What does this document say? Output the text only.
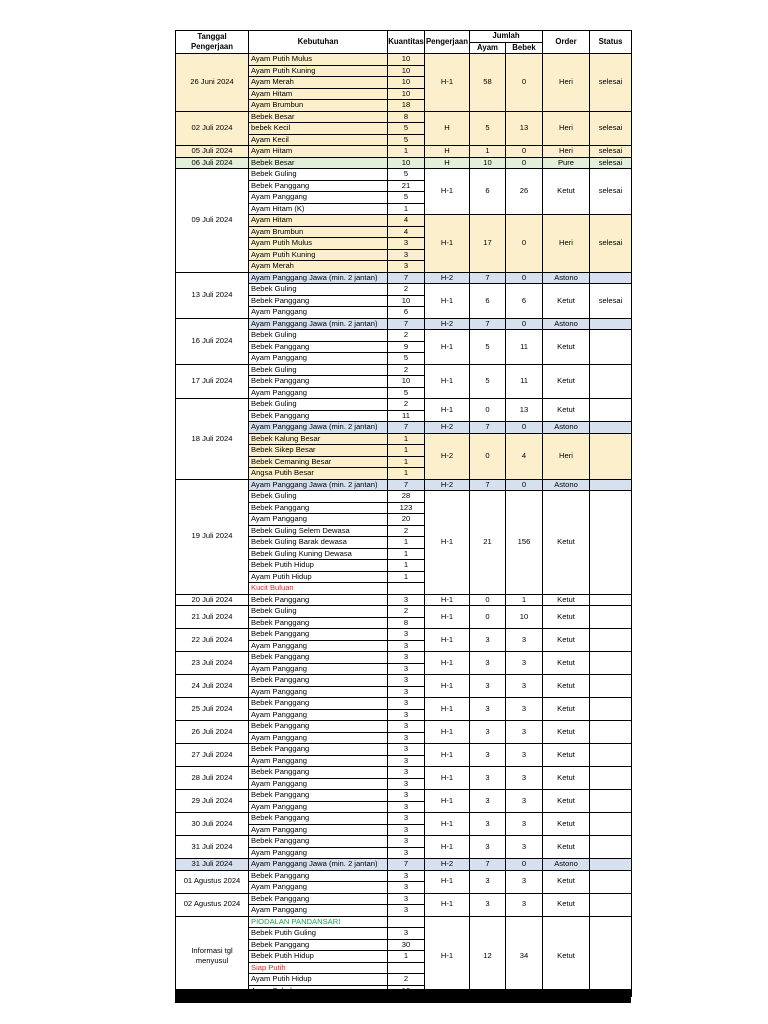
Tanggal Pengerjaan	Kebutuhan	Kuantitas	Pengerjaan	Jumlah		Order	Status
				Ayam	Bebek		
26 Juni 2024	Ayam Putih Mulus	10	H-1	58	0	Heri	selesai
	Ayam Putih Kuning	10					
	Ayam Merah	10					
	Ayam Hitam	10					
	Ayam Brumbun	18					
02 Juli 2024	Bebek Besar	8	H	5	13	Heri	selesai
	bebek Kecil	5					
	Ayam Kecil	5					
05 Juli 2024	Ayam Hitam	1	H	1	0	Heri	selesai
06 Juli 2024	Bebek Besar	10	H	10	0	Pure	selesai
09 Juli 2024	Bebek Guling	5	H-1	6	26	Ketut	selesai
	Bebek Panggang	21					
	Ayam Panggang	5					
	Ayam Hitam (K)	1					
	Ayam Hitam	4	H-1	17	0	Heri	selesai
	Ayam Brumbun	4					
	Ayam Putih Mulus	3					
	Ayam Putih Kuning	3					
	Ayam Merah	3					
13 Juli 2024	Ayam Panggang Jawa (min. 2 jantan)	7	H-2	7	0	Astono	
	Bebek Guling	2	H-1	6	6	Ketut	selesai
	Bebek Panggang	10					
	Ayam Panggang	6					
16 Juli 2024	Ayam Panggang Jawa (min. 2 jantan)	7	H-2	7	0	Astono	
	Bebek Guling	2	H-1	5	11	Ketut	
	Bebek Panggang	9					
	Ayam Panggang	5					
17 Juli 2024	Bebek Guling	2	H-1	5	11	Ketut	
	Bebek Panggang	10					
	Ayam Panggang	5					
18 Juli 2024	Bebek Guling	2	H-1	0	13	Ketut	
	Bebek Panggang	11					
	Ayam Panggang Jawa (min. 2 jantan)	7	H-2	7	0	Astono	
	Bebek Kalung Besar	1	H-2	0	4	Heri	
	Bebek Sikep Besar	1					
	Bebek Cemaning Besar	1					
	Angsa Putih Besar	1					
19 Juli 2024	Ayam Panggang Jawa (min. 2 jantan)	7	H-2	7	0	Astono	
	Bebek Guling	28	H-1	21	156	Ketut	
	Bebek Panggang	123					
	Ayam Panggang	20					
	Bebek Guling Selem Dewasa	2					
	Bebek Guling Barak dewasa	1					
	Bebek Guling Kuning Dewasa	1					
	Bebek Putih Hidup	1					
	Ayam Putih Hidup	1					
	Kucit Buluan						
20 Juli 2024	Bebek Panggang	3	H-1	0	1	Ketut	
21 Juli 2024	Bebek Guling	2	H-1	0	10	Ketut	
	Bebek Panggang	8					
22 Juli 2024	Bebek Panggang	3	H-1	3	3	Ketut	
	Ayam Panggang	3					
23 Juli 2024	Bebek Panggang	3	H-1	3	3	Ketut	
	Ayam Panggang	3					
24 Juli 2024	Bebek Panggang	3	H-1	3	3	Ketut	
	Ayam Panggang	3					
25 Juli 2024	Bebek Panggang	3	H-1	3	3	Ketut	
	Ayam Panggang	3					
26 Juli 2024	Bebek Panggang	3	H-1	3	3	Ketut	
	Ayam Panggang	3					
27 Juli 2024	Bebek Panggang	3	H-1	3	3	Ketut	
	Ayam Panggang	3					
28 Juli 2024	Bebek Panggang	3	H-1	3	3	Ketut	
	Ayam Panggang	3					
29 Juli 2024	Bebek Panggang	3	H-1	3	3	Ketut	
	Ayam Panggang	3					
30 Juli 2024	Bebek Panggang	3	H-1	3	3	Ketut	
	Ayam Panggang	3					
31 Juli 2024	Bebek Panggang	3	H-1	3	3	Ketut	
	Ayam Panggang	3					
31 Juli 2024	Ayam Panggang Jawa (min. 2 jantan)	7	H-2	7	0	Astono	
01 Agustus 2024	Bebek Panggang	3	H-1	3	3	Ketut	
	Ayam Panggang	3					
02 Agustus 2024	Bebek Panggang	3	H-1	3	3	Ketut	
	Ayam Panggang	3					
Informasi tgl menyusul	PIODALAN PANDANSARI		H-1	12	34	Ketut	
	Bebek Putih Guling	3					
	Bebek Panggang	30					
	Bebek Putih Hidup	1					
	Siap Putih						
	Ayam Putih Hidup	2					
